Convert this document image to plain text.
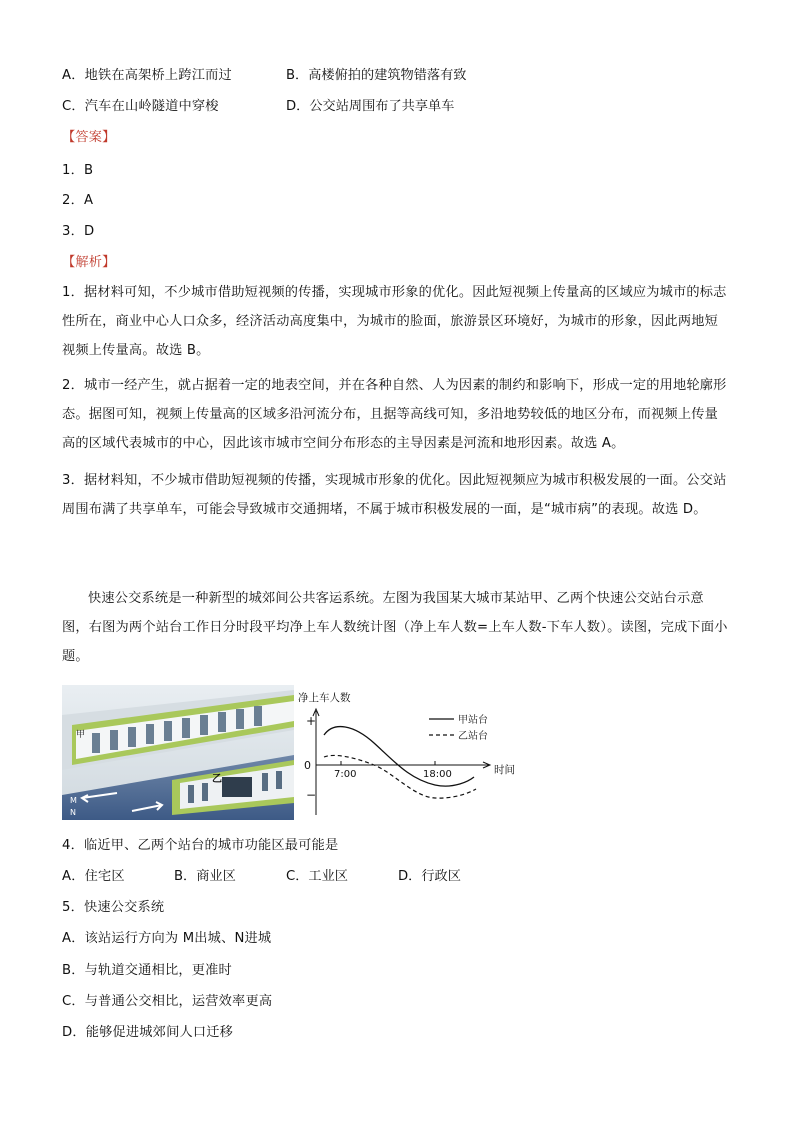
A．地铁在高架桥上跨江而过	B．高楼俯拍的建筑物错落有致
C．汽车在山岭隧道中穿梭	D．公交站周围布了共享单车
【答案】
1．B
2．A
3．D
【解析】
1．据材料可知，不少城市借助短视频的传播，实现城市形象的优化。因此短视频上传量高的区域应为城市的标志性所在，商业中心人口众多，经济活动高度集中，为城市的脸面，旅游景区环境好，为城市的形象，因此两地短视频上传量高。故选 B。
2．城市一经产生，就占据着一定的地表空间，并在各种自然、人为因素的制约和影响下，形成一定的用地轮廓形态。据图可知，视频上传量高的区域多沿河流分布，且据等高线可知，多沿地势较低的地区分布，而视频上传量高的区域代表城市的中心，因此该市城市空间分布形态的主导因素是河流和地形因素。故选 A。
3．据材料知，不少城市借助短视频的传播，实现城市形象的优化。因此短视频应为城市积极发展的一面。公交站周围布满了共享单车，可能会导致城市交通拥堵，不属于城市积极发展的一面，是“城市病”的表现。故选 D。
快速公交系统是一种新型的城郊间公共客运系统。左图为我国某大城市某站甲、乙两个快速公交站台示意图，右图为两个站台工作日分时段平均净上车人数统计图（净上车人数=上车人数-下车人数）。读图，完成下面小题。
甲
乙
M
N
甲站台
乙站台
净上车人数
+
0
−
7:00	18:00	时间
4．临近甲、乙两个站台的城市功能区最可能是
A．住宅区	B．商业区	C．工业区	D．行政区
5．快速公交系统
A．该站运行方向为 M出城、N进城
B．与轨道交通相比，更准时
C．与普通公交相比，运营效率更高
D．能够促进城郊间人口迁移
